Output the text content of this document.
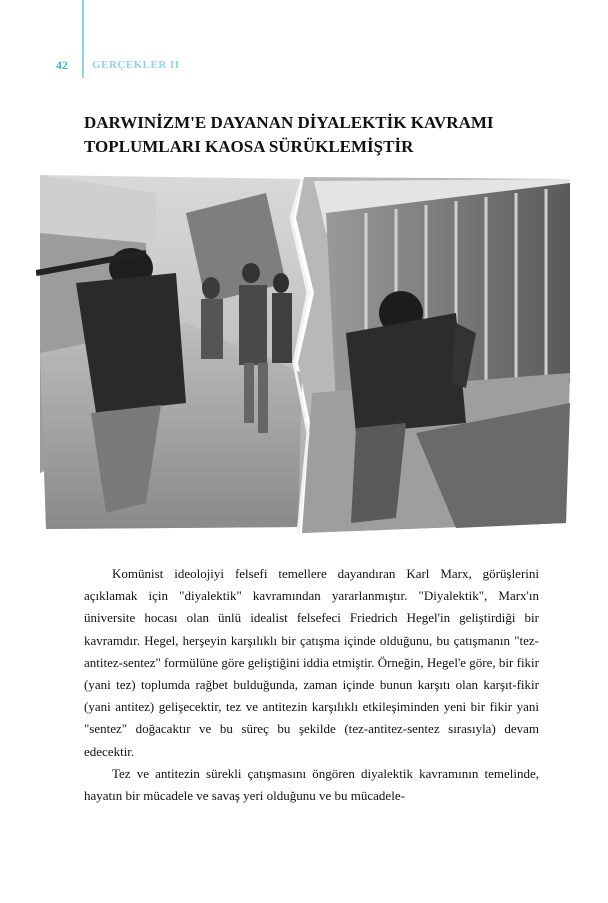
42 GERÇEKLER II
DARWINİZM'E DAYANAN DİYALEKTİK KAVRAMI
TOPLUMLARI KAOSA SÜRÜKLEMİŞTİR

Komünist ideolojiyi felsefi temellere dayandıran Karl Marx, görüşlerini açıklamak için "diyalektik" kavramından yararlanmıştır. "Diyalektik", Marx'ın üniversite hocası olan ünlü idealist felsefeci Friedrich Hegel'in geliştirdiği bir kavramdır. Hegel, herşeyin karşılıklı bir çatışma içinde olduğunu, bu çatışmanın "tez-antitez-sentez" formülüne göre geliştiğini iddia etmiştir. Örneğin, Hegel'e göre, bir fikir (yani tez) toplumda rağbet bulduğunda, zaman içinde bunun karşıtı olan karşıt-fikir (yani antitez) gelişecektir, tez ve antitezin karşılıklı etkileşiminden yeni bir fikir yani "sentez" doğacaktır ve bu süreç bu şekilde (tez-antitez-sentez sırasıyla) devam edecektir.

Tez ve antitezin sürekli çatışmasını öngören diyalektik kavramının temelinde, hayatın bir mücadele ve savaş yeri olduğunu ve bu mücadele-
